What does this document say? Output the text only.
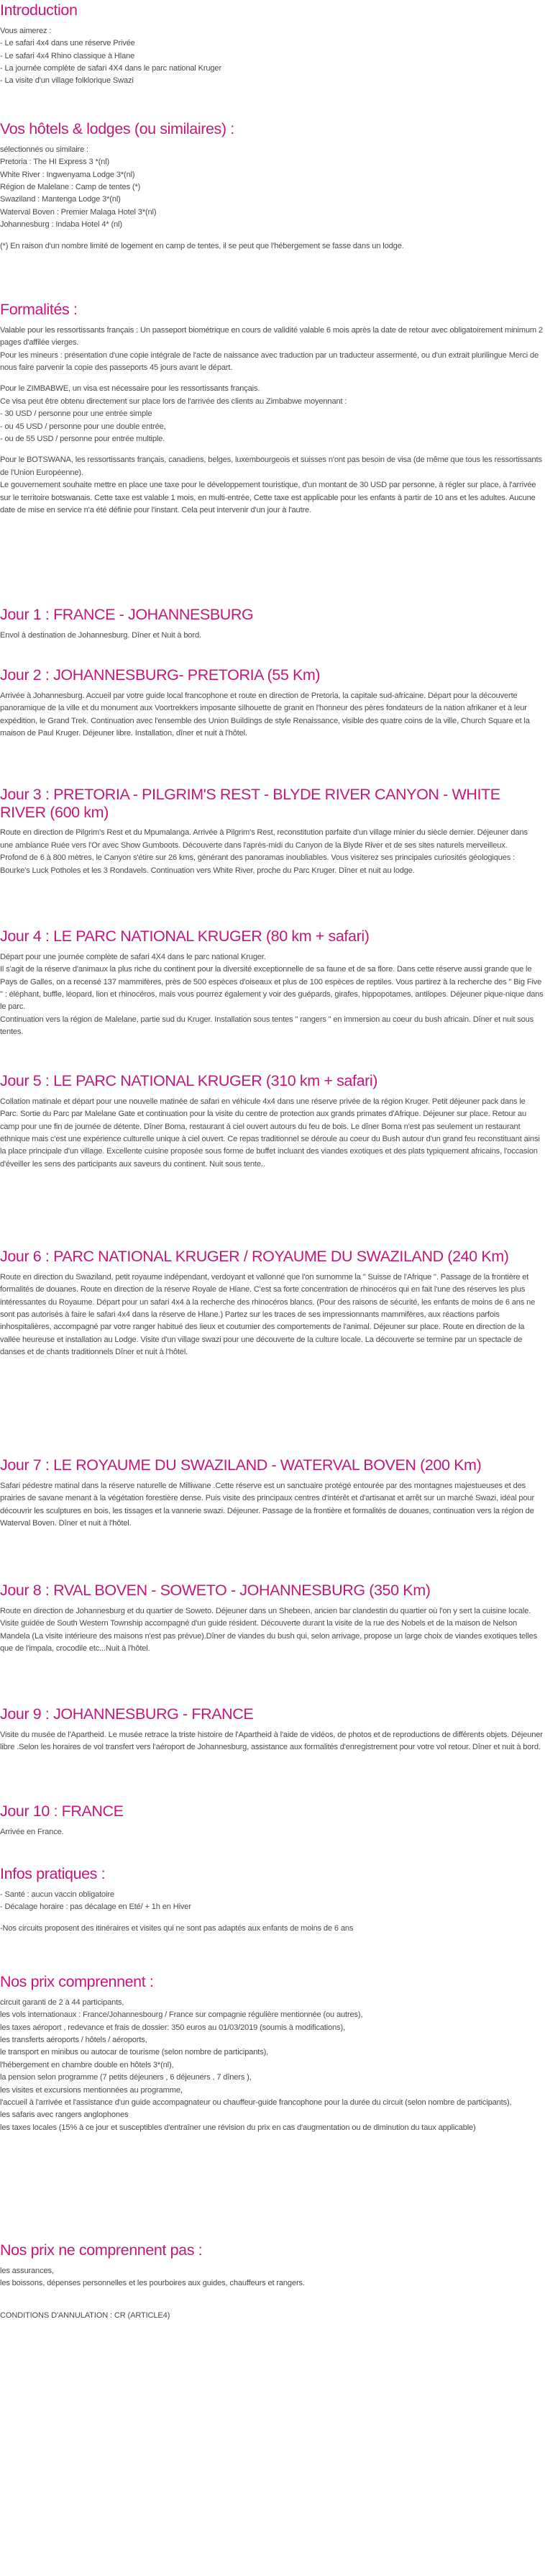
Introduction

Vous aimerez :
- Le safari 4x4 dans une réserve Privée
- Le safari 4x4 Rhino classique à Hlane
- La journée complète de safari 4X4 dans le parc national Kruger
- La visite d'un village folklorique Swazi

Vos hôtels & lodges (ou similaires) :

sélectionnés ou similaire :
Pretoria : The HI Express 3 *(nl)
White River : Ingwenyama Lodge 3*(nl)
Région de Malelane : Camp de tentes (*)
Swaziland : Mantenga Lodge 3*(nl)
Waterval Boven : Premier Malaga Hotel 3*(nl)
Johannesburg : Indaba Hotel 4* (nl)

(*) En raison d'un nombre limité de logement en camp de tentes, il se peut que l'hébergement se fasse dans un lodge.

Formalités :

Valable pour les ressortissants français : Un passeport biométrique en cours de validité valable 6 mois après la date de retour avec obligatoirement minimum 2 pages d'affilée vierges.
Pour les mineurs : présentation d'une copie intégrale de l'acte de naissance avec traduction par un traducteur assermenté, ou d'un extrait plurilingue Merci de nous faire parvenir la copie des passeports 45 jours avant le départ.

Pour le ZIMBABWE, un visa est nécessaire pour les ressortissants français.
Ce visa peut être obtenu directement sur place lors de l'arrivée des clients au Zimbabwe moyennant :
- 30 USD / personne pour une entrée simple
- ou 45 USD / personne pour une double entrée,
- ou de 55 USD / personne pour entrée multiple.

Pour le BOTSWANA, les ressortissants français, canadiens, belges, luxembourgeois et suisses n'ont pas besoin de visa (de même que tous les ressortissants de l'Union Européenne).
Le gouvernement souhaite mettre en place une taxe pour le développement touristique, d'un montant de 30 USD par personne, à régler sur place, à l'arrivée sur le territoire botswanais. Cette taxe est valable 1 mois, en multi-entrée, Cette taxe est applicable pour les enfants à partir de 10 ans et les adultes. Aucune date de mise en service n'a été définie pour l'instant. Cela peut intervenir d'un jour à l'autre.

Jour 1 : FRANCE - JOHANNESBURG

Envol à destination de Johannesburg. Dîner et Nuit à bord.

Jour 2 : JOHANNESBURG- PRETORIA (55 Km)

Arrivée à Johannesburg. Accueil par votre guide local francophone et route en direction de Pretoria, la capitale sud-africaine. Départ pour la découverte panoramique de la ville et du monument aux Voortrekkers imposante silhouette de granit en l'honneur des pères fondateurs de la nation afrikaner et à leur expédition, le Grand Trek. Continuation avec l'ensemble des Union Buildings de style Renaissance, visible des quatre coins de la ville, Church Square et la maison de Paul Kruger. Déjeuner libre. Installation, dîner et nuit à l'hôtel.

Jour 3 : PRETORIA - PILGRIM'S REST - BLYDE RIVER CANYON - WHITE RIVER (600 km)

Route en direction de Pilgrim's Rest et du Mpumalanga. Arrivée à Pilgrim's Rest, reconstitution parfaite d'un village minier du siècle dernier. Déjeuner dans une ambiance Ruée vers l'Or avec Show Gumboots. Découverte dans l'après-midi du Canyon de la Blyde River et de ses sites naturels merveilleux. Profond de 6 à 800 mètres, le Canyon s'étire sur 26 kms, générant des panoramas inoubliables. Vous visiterez ses principales curiosités géologiques : Bourke's Luck Potholes et les 3 Rondavels. Continuation vers White River, proche du Parc Kruger. Dîner et nuit au lodge.

Jour 4 : LE PARC NATIONAL KRUGER (80 km + safari)

Départ pour une journée complète de safari 4X4 dans le parc national Kruger.
Il s'agit de la réserve d'animaux la plus riche du continent pour la diversité exceptionnelle de sa faune et de sa flore. Dans cette réserve aussi grande que le Pays de Galles, on a recensé 137 mammifères, près de 500 espèces d'oiseaux et plus de 100 espèces de reptiles. Vous partirez à la recherche des " Big Five " : éléphant, buffle, léopard, lion et rhinocéros, mais vous pourrez également y voir des guépards, girafes, hippopotames, antilopes. Déjeuner pique-nique dans le parc.
Continuation vers la région de Malelane, partie sud du Kruger. Installation sous tentes " rangers " en immersion au coeur du bush africain. Dîner et nuit sous tentes.

Jour 5 : LE PARC NATIONAL KRUGER (310 km + safari)

Collation matinale et départ pour une nouvelle matinée de safari en véhicule 4x4 dans une réserve privée de la région Kruger. Petit déjeuner pack dans le Parc. Sortie du Parc par Malelane Gate et continuation pour la visite du centre de protection aux grands primates d'Afrique. Déjeuner sur place. Retour au camp pour une fin de journée de détente. Dîner Boma, restaurant à ciel ouvert autours du feu de bois. Le dîner Boma n'est pas seulement un restaurant ethnique mais c'est une expérience culturelle unique à ciel ouvert. Ce repas traditionnel se déroule au coeur du Bush autour d'un grand feu reconstituant ainsi la place principale d'un village. Excellente cuisine proposée sous forme de buffet incluant des viandes exotiques et des plats typiquement africains, l'occasion d'éveiller les sens des participants aux saveurs du continent. Nuit sous tente..

Jour 6 : PARC NATIONAL KRUGER / ROYAUME DU SWAZILAND (240 Km)

Route en direction du Swaziland, petit royaume indépendant, verdoyant et vallonné que l'on surnomme la " Suisse de l'Afrique ". Passage de la frontière et formalités de douanes. Route en direction de la réserve Royale de Hlane. C'est sa forte concentration de rhinocéros qui en fait l'une des réserves les plus intéressantes du Royaume. Départ pour un safari 4x4 à la recherche des rhinocéros blancs. (Pour des raisons de sécurité, les enfants de moins de 6 ans ne sont pas autorisés à faire le safari 4x4 dans la réserve de Hlane.) Partez sur les traces de ses impressionnants mammifères, aux réactions parfois inhospitalières, accompagné par votre ranger habitué des lieux et coutumier des comportements de l'animal. Déjeuner sur place. Route en direction de la vallée heureuse et installation au Lodge. Visite d'un village swazi pour une découverte de la culture locale. La découverte se termine par un spectacle de danses et de chants traditionnels Dîner et nuit à l'hôtel.

Jour 7 : LE ROYAUME DU SWAZILAND - WATERVAL BOVEN (200 Km)

Safari pédestre matinal dans la réserve naturelle de Milliwane .Cette réserve est un sanctuaire protégé entourée par des montagnes majestueuses et des prairies de savane menant à la végétation forestière dense. Puis visite des principaux centres d'intérêt et d'artisanat et arrêt sur un marché Swazi, idéal pour découvrir les sculptures en bois, les tissages et la vannerie swazi. Déjeuner. Passage de la frontière et formalités de douanes, continuation vers la région de Waterval Boven. Dîner et nuit à l'hôtel.

Jour 8 : RVAL BOVEN - SOWETO - JOHANNESBURG (350 Km)

Route en direction de Johannesburg et du quartier de Soweto. Déjeuner dans un Shebeen, ancien bar clandestin du quartier où l'on y sert la cuisine locale. Visite guidée de South Western Township accompagné d'un guide résident. Découverte durant la visite de la rue des Nobels et de la maison de Nelson Mandela (La visite intérieure des maisons n'est pas prévue).Dîner de viandes du bush qui, selon arrivage, propose un large choix de viandes exotiques telles que de l'impala, crocodile etc...Nuit à l'hôtel.

Jour 9 : JOHANNESBURG - FRANCE

Visite du musée de l'Apartheid. Le musée retrace la triste histoire de l'Apartheid à l'aide de vidéos, de photos et de reproductions de différents objets. Déjeuner libre .Selon les horaires de vol transfert vers l'aéroport de Johannesburg, assistance aux formalités d'enregistrement pour votre vol retour. Dîner et nuit à bord.

Jour 10 : FRANCE

Arrivée en France.

Infos pratiques :

- Santé : aucun vaccin obligatoire
- Décalage horaire : pas décalage en Eté/ + 1h en Hiver

-Nos circuits proposent des itinéraires et visites qui ne sont pas adaptés aux enfants de moins de 6 ans

Nos prix comprennent :

circuit garanti de 2 à 44 participants,
les vols internationaux : France/Johannesbourg / France sur compagnie régulière mentionnée (ou autres),
les taxes aéroport , redevance et frais de dossier: 350 euros au 01/03/2019 (soumis à modifications),
les transferts aéroports / hôtels / aéroports,
le transport en minibus ou autocar de tourisme (selon nombre de participants),
l'hébergement en chambre double en hôtels 3*(nl),
la pension selon programme (7 petits déjeuners , 6 déjeuners , 7 dîners ),
les visites et excursions mentionnées au programme,
l'accueil à l'arrivée et l'assistance d'un guide accompagnateur ou chauffeur-guide francophone pour la durée du circuit (selon nombre de participants),
les safaris avec rangers anglophones
les taxes locales (15% à ce jour et susceptibles d'entraîner une révision du prix en cas d'augmentation ou de diminution du taux applicable)

Nos prix ne comprennent pas :

les assurances,
les boissons, dépenses personnelles et les pourboires aux guides, chauffeurs et rangers.

CONDITIONS D'ANNULATION : CR (ARTICLE4)
